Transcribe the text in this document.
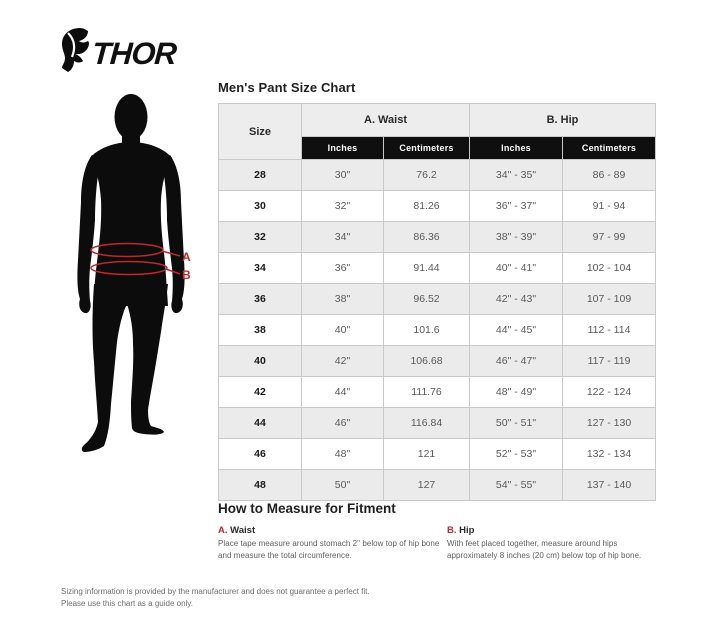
THOR
A
B
Men's Pant Size Chart
Size	A. Waist		B. Hip	
	Inches	Centimeters	Inches	Centimeters
28	30"	76.2	34" - 35"	86 - 89
30	32"	81.26	36" - 37"	91 - 94
32	34"	86.36	38" - 39"	97 - 99
34	36"	91.44	40" - 41"	102 - 104
36	38"	96.52	42" - 43"	107 - 109
38	40"	101.6	44" - 45"	112 - 114
40	42"	106.68	46" - 47"	117 - 119
42	44"	111.76	48" - 49"	122 - 124
44	46"	116.84	50" - 51"	127 - 130
46	48"	121	52" - 53"	132 - 134
48	50"	127	54" - 55"	137 - 140
How to Measure for Fitment
A. Waist
Place tape measure around stomach 2" below top of hip bone and measure the total circumference.
B. Hip
With feet placed together, measure around hips approximately 8 inches (20 cm) below top of hip bone.
Sizing information is provided by the manufacturer and does not guarantee a perfect fit.
Please use this chart as a guide only.
